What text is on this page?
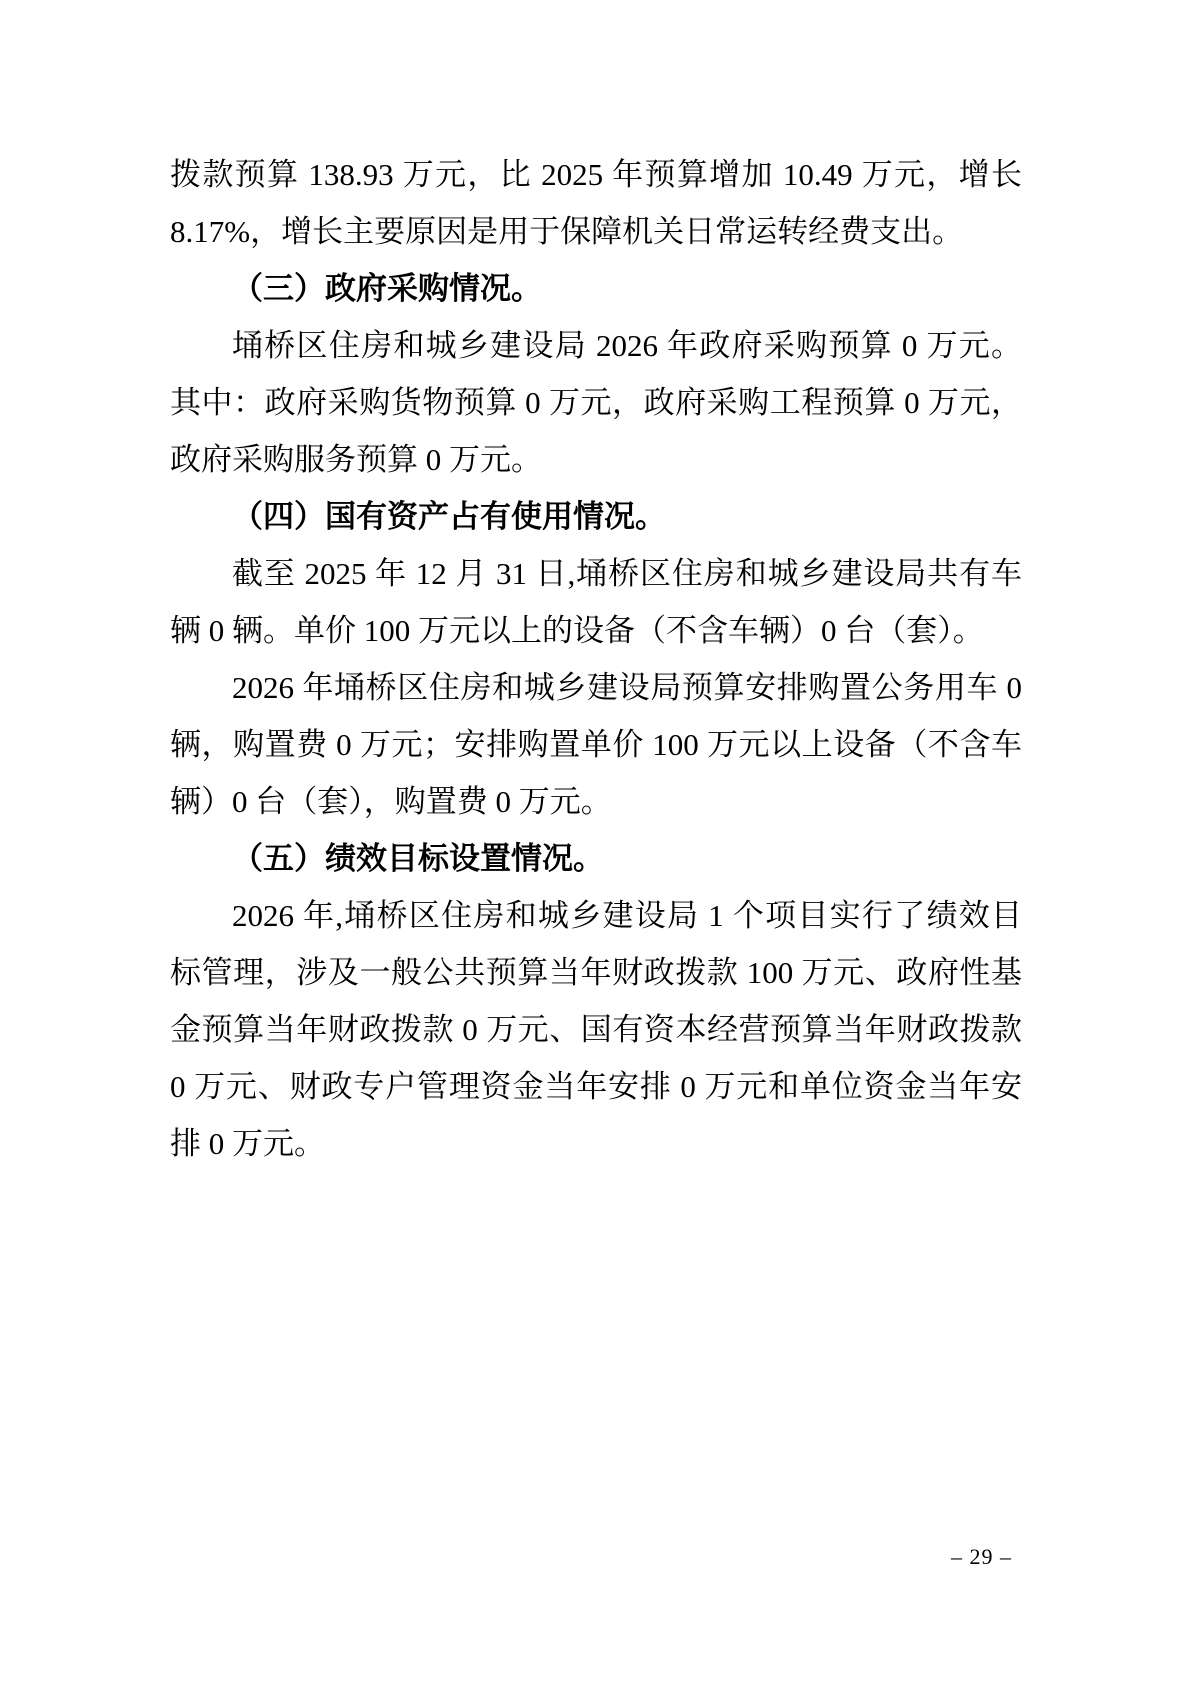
拨款预算 138.93 万元，比 2025 年预算增加 10.49 万元，增长 8.17%，增长主要原因是用于保障机关日常运转经费支出。

（三）政府采购情况。

埇桥区住房和城乡建设局 2026 年政府采购预算 0 万元。其中：政府采购货物预算 0 万元，政府采购工程预算 0 万元，政府采购服务预算 0 万元。

（四）国有资产占有使用情况。

截至 2025 年 12 月 31 日,埇桥区住房和城乡建设局共有车辆 0 辆。单价 100 万元以上的设备（不含车辆）0 台（套）。

2026 年埇桥区住房和城乡建设局预算安排购置公务用车 0 辆，购置费 0 万元；安排购置单价 100 万元以上设备（不含车辆）0 台（套），购置费 0 万元。

（五）绩效目标设置情况。

2026 年,埇桥区住房和城乡建设局 1 个项目实行了绩效目标管理，涉及一般公共预算当年财政拨款 100 万元、政府性基金预算当年财政拨款 0 万元、国有资本经营预算当年财政拨款 0 万元、财政专户管理资金当年安排 0 万元和单位资金当年安排 0 万元。

– 29 –
